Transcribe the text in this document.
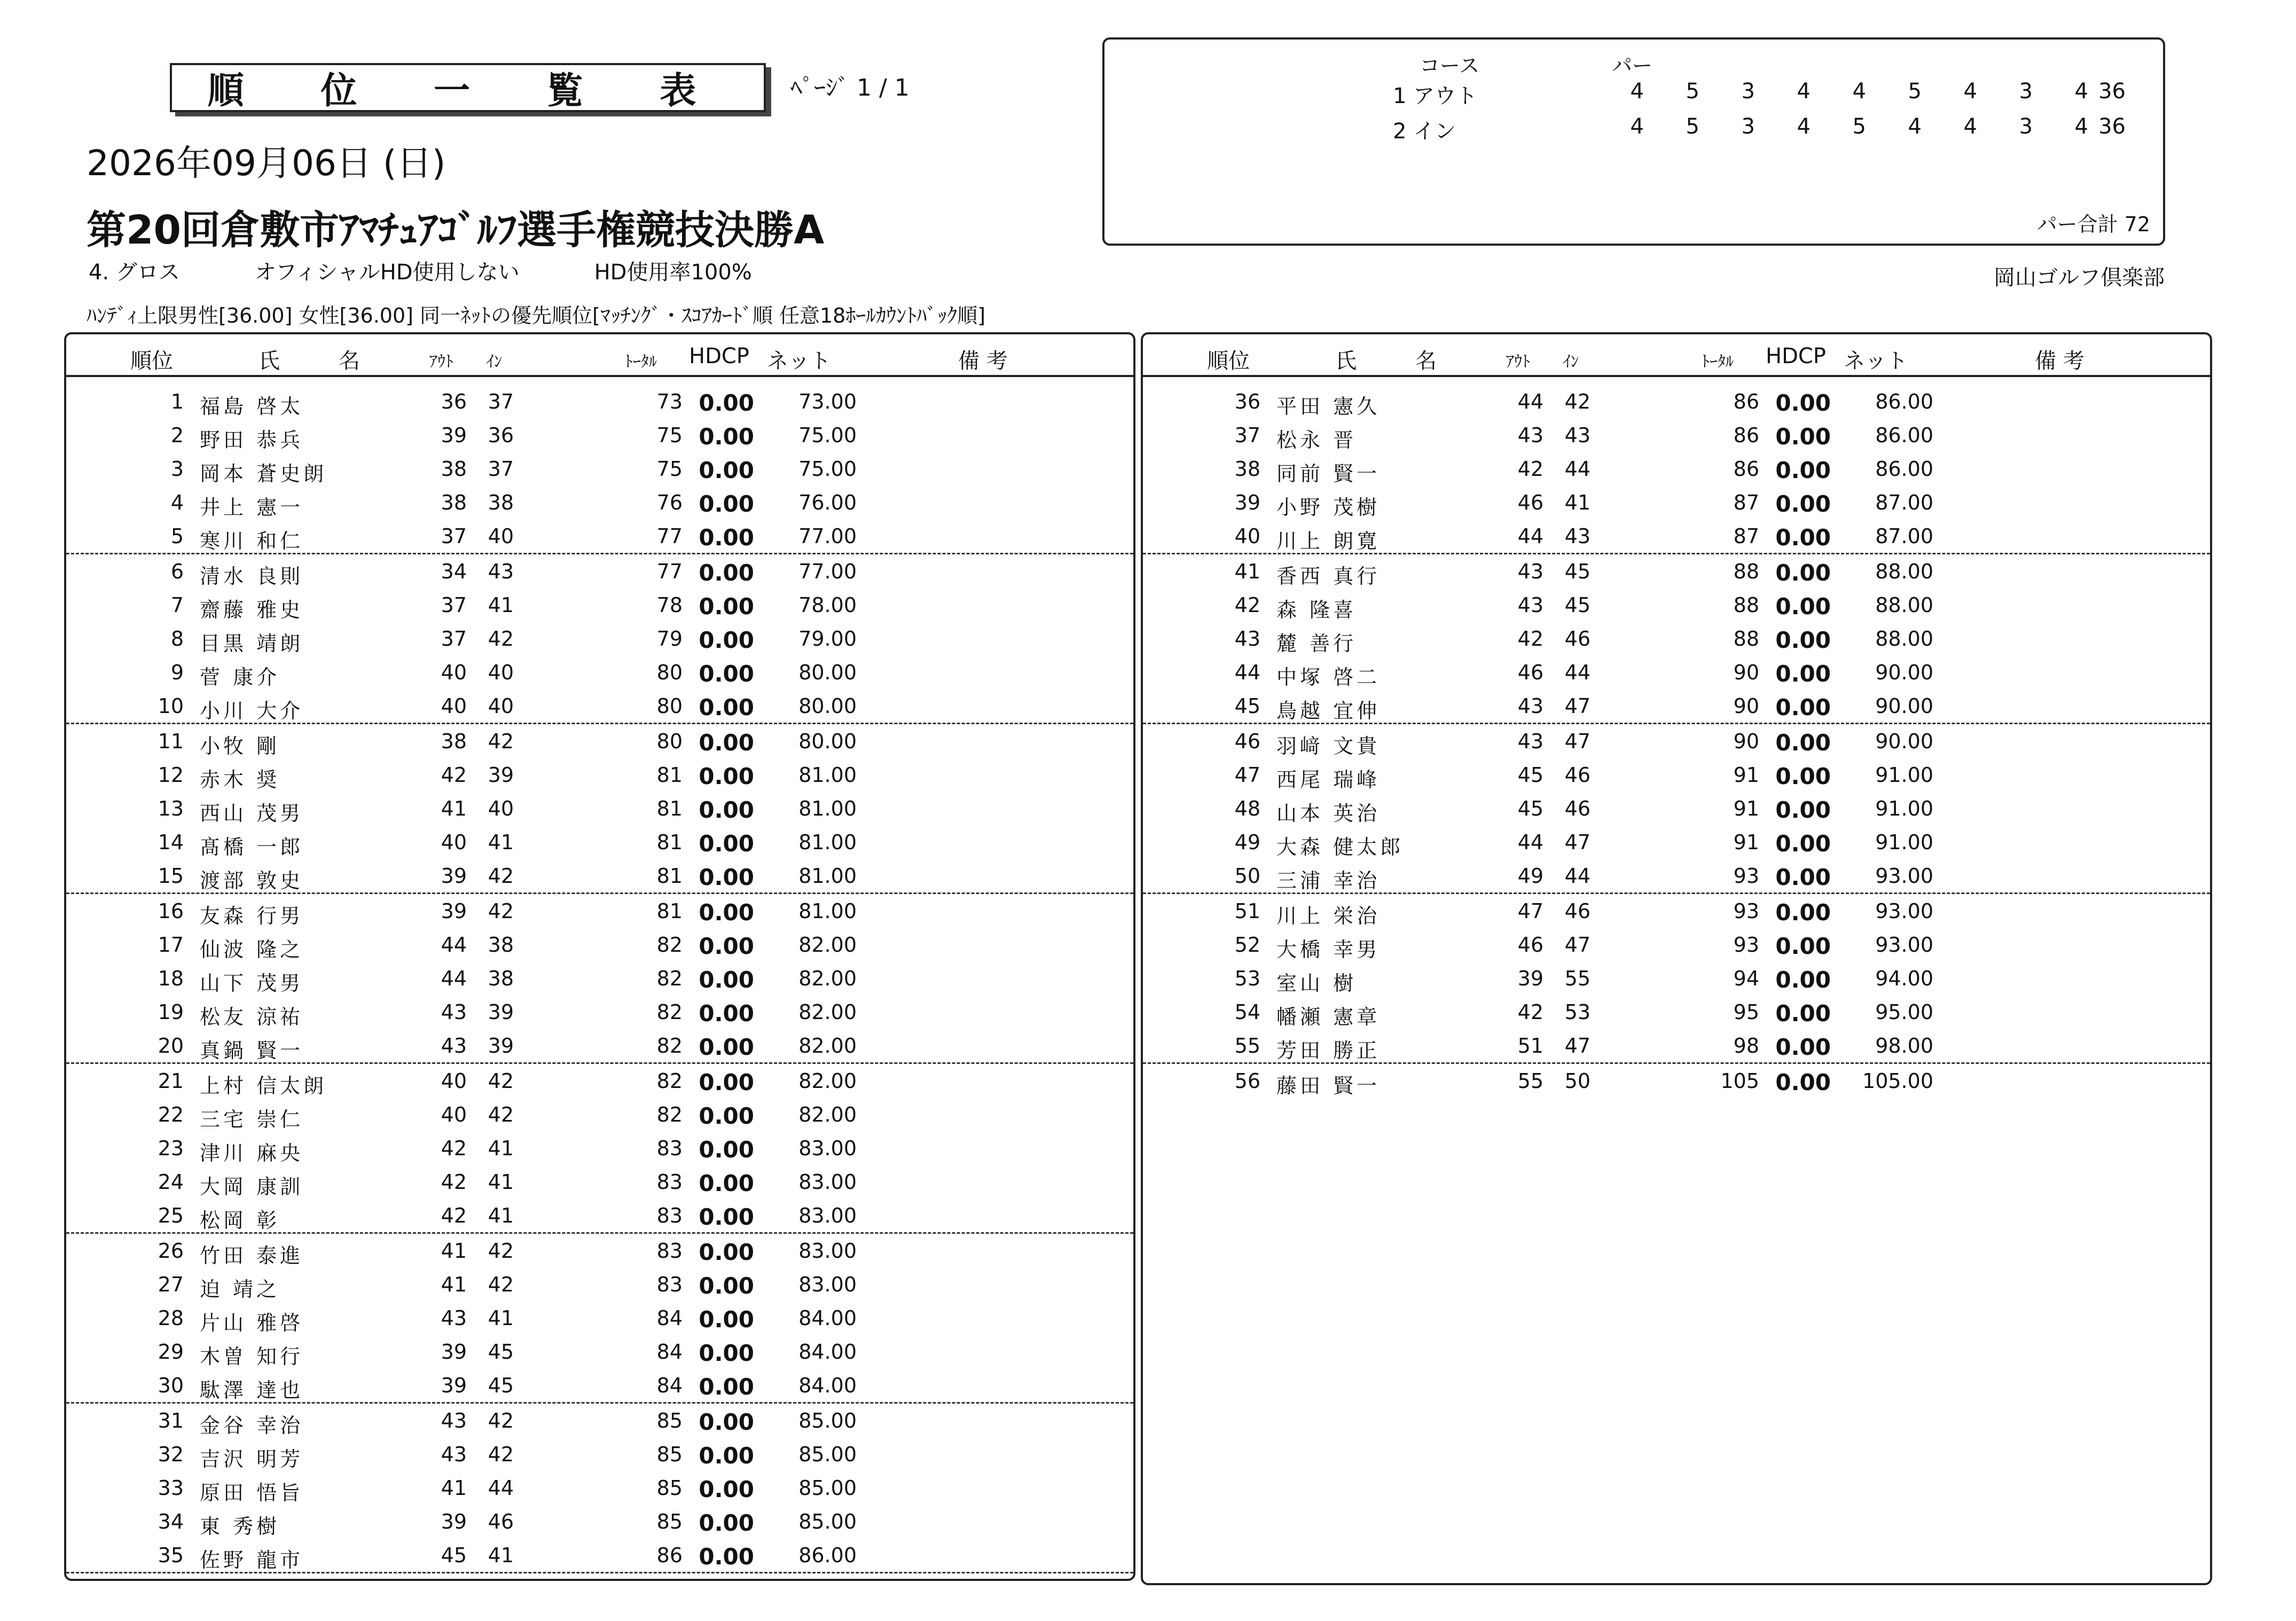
順 位 一 覧 表	ﾍﾟｰｼﾞ 1 / 1
2026年09月06日 (日)
第20回倉敷市ｱﾏﾁｭｱｺﾞﾙﾌ選手権競技決勝A
4. グロス	オフィシャルHD使用しない	HD使用率100%
ﾊﾝﾃﾞｨ上限男性[36.00] 女性[36.00] 同一ﾈｯﾄの優先順位[ﾏｯﾁﾝｸﾞ・ｽｺｱｶｰﾄﾞ順 任意18ﾎｰﾙｶｳﾝﾄﾊﾞｯｸ順]
岡山ゴルフ倶楽部
コース	パー
1 アウト	4	5	3	4	4	5	4	3	4 36
2 イン	4	5	3	4	5	4	4	3	4 36
パー合計 72
順位	氏	名	ｱｳﾄ ｲﾝ	ﾄｰﾀﾙ HDCP ネット	備 考
1 福島 啓太	36	37	73 0.00	73.00
2 野田 恭兵	39	36	75 0.00	75.00
3 岡本 蒼史朗	38	37	75 0.00	75.00
4 井上 憲一	38	38	76 0.00	76.00
5 寒川 和仁	37	40	77 0.00	77.00
6 清水 良則	34	43	77 0.00	77.00
7 齋藤 雅史	37	41	78 0.00	78.00
8 目黒 靖朗	37	42	79 0.00	79.00
9 菅 康介	40	40	80 0.00	80.00
10 小川 大介	40	40	80 0.00	80.00
11 小牧 剛	38	42	80 0.00	80.00
12 赤木 奨	42	39	81 0.00	81.00
13 西山 茂男	41	40	81 0.00	81.00
14 髙橋 一郎	40	41	81 0.00	81.00
15 渡部 敦史	39	42	81 0.00	81.00
16 友森 行男	39	42	81 0.00	81.00
17 仙波 隆之	44	38	82 0.00	82.00
18 山下 茂男	44	38	82 0.00	82.00
19 松友 涼祐	43	39	82 0.00	82.00
20 真鍋 賢一	43	39	82 0.00	82.00
21 上村 信太朗	40	42	82 0.00	82.00
22 三宅 崇仁	40	42	82 0.00	82.00
23 津川 麻央	42	41	83 0.00	83.00
24 大岡 康訓	42	41	83 0.00	83.00
25 松岡 彰	42	41	83 0.00	83.00
26 竹田 泰進	41	42	83 0.00	83.00
27 迫 靖之	41	42	83 0.00	83.00
28 片山 雅啓	43	41	84 0.00	84.00
29 木曽 知行	39	45	84 0.00	84.00
30 駄澤 達也	39	45	84 0.00	84.00
31 金谷 幸治	43	42	85 0.00	85.00
32 吉沢 明芳	43	42	85 0.00	85.00
33 原田 悟旨	41	44	85 0.00	85.00
34 東 秀樹	39	46	85 0.00	85.00
35 佐野 龍市	45	41	86 0.00	86.00
順位	氏	名	ｱｳﾄ ｲﾝ	ﾄｰﾀﾙ HDCP ネット	備 考
36 平田 憲久	44	42	86 0.00	86.00
37 松永 晋	43	43	86 0.00	86.00
38 同前 賢一	42	44	86 0.00	86.00
39 小野 茂樹	46	41	87 0.00	87.00
40 川上 朗寛	44	43	87 0.00	87.00
41 香西 真行	43	45	88 0.00	88.00
42 森 隆喜	43	45	88 0.00	88.00
43 麓 善行	42	46	88 0.00	88.00
44 中塚 啓二	46	44	90 0.00	90.00
45 鳥越 宜伸	43	47	90 0.00	90.00
46 羽﨑 文貴	43	47	90 0.00	90.00
47 西尾 瑞峰	45	46	91 0.00	91.00
48 山本 英治	45	46	91 0.00	91.00
49 大森 健太郎	44	47	91 0.00	91.00
50 三浦 幸治	49	44	93 0.00	93.00
51 川上 栄治	47	46	93 0.00	93.00
52 大橋 幸男	46	47	93 0.00	93.00
53 室山 樹	39	55	94 0.00	94.00
54 幡瀬 憲章	42	53	95 0.00	95.00
55 芳田 勝正	51	47	98 0.00	98.00
56 藤田 賢一	55	50	105 0.00	105.00
